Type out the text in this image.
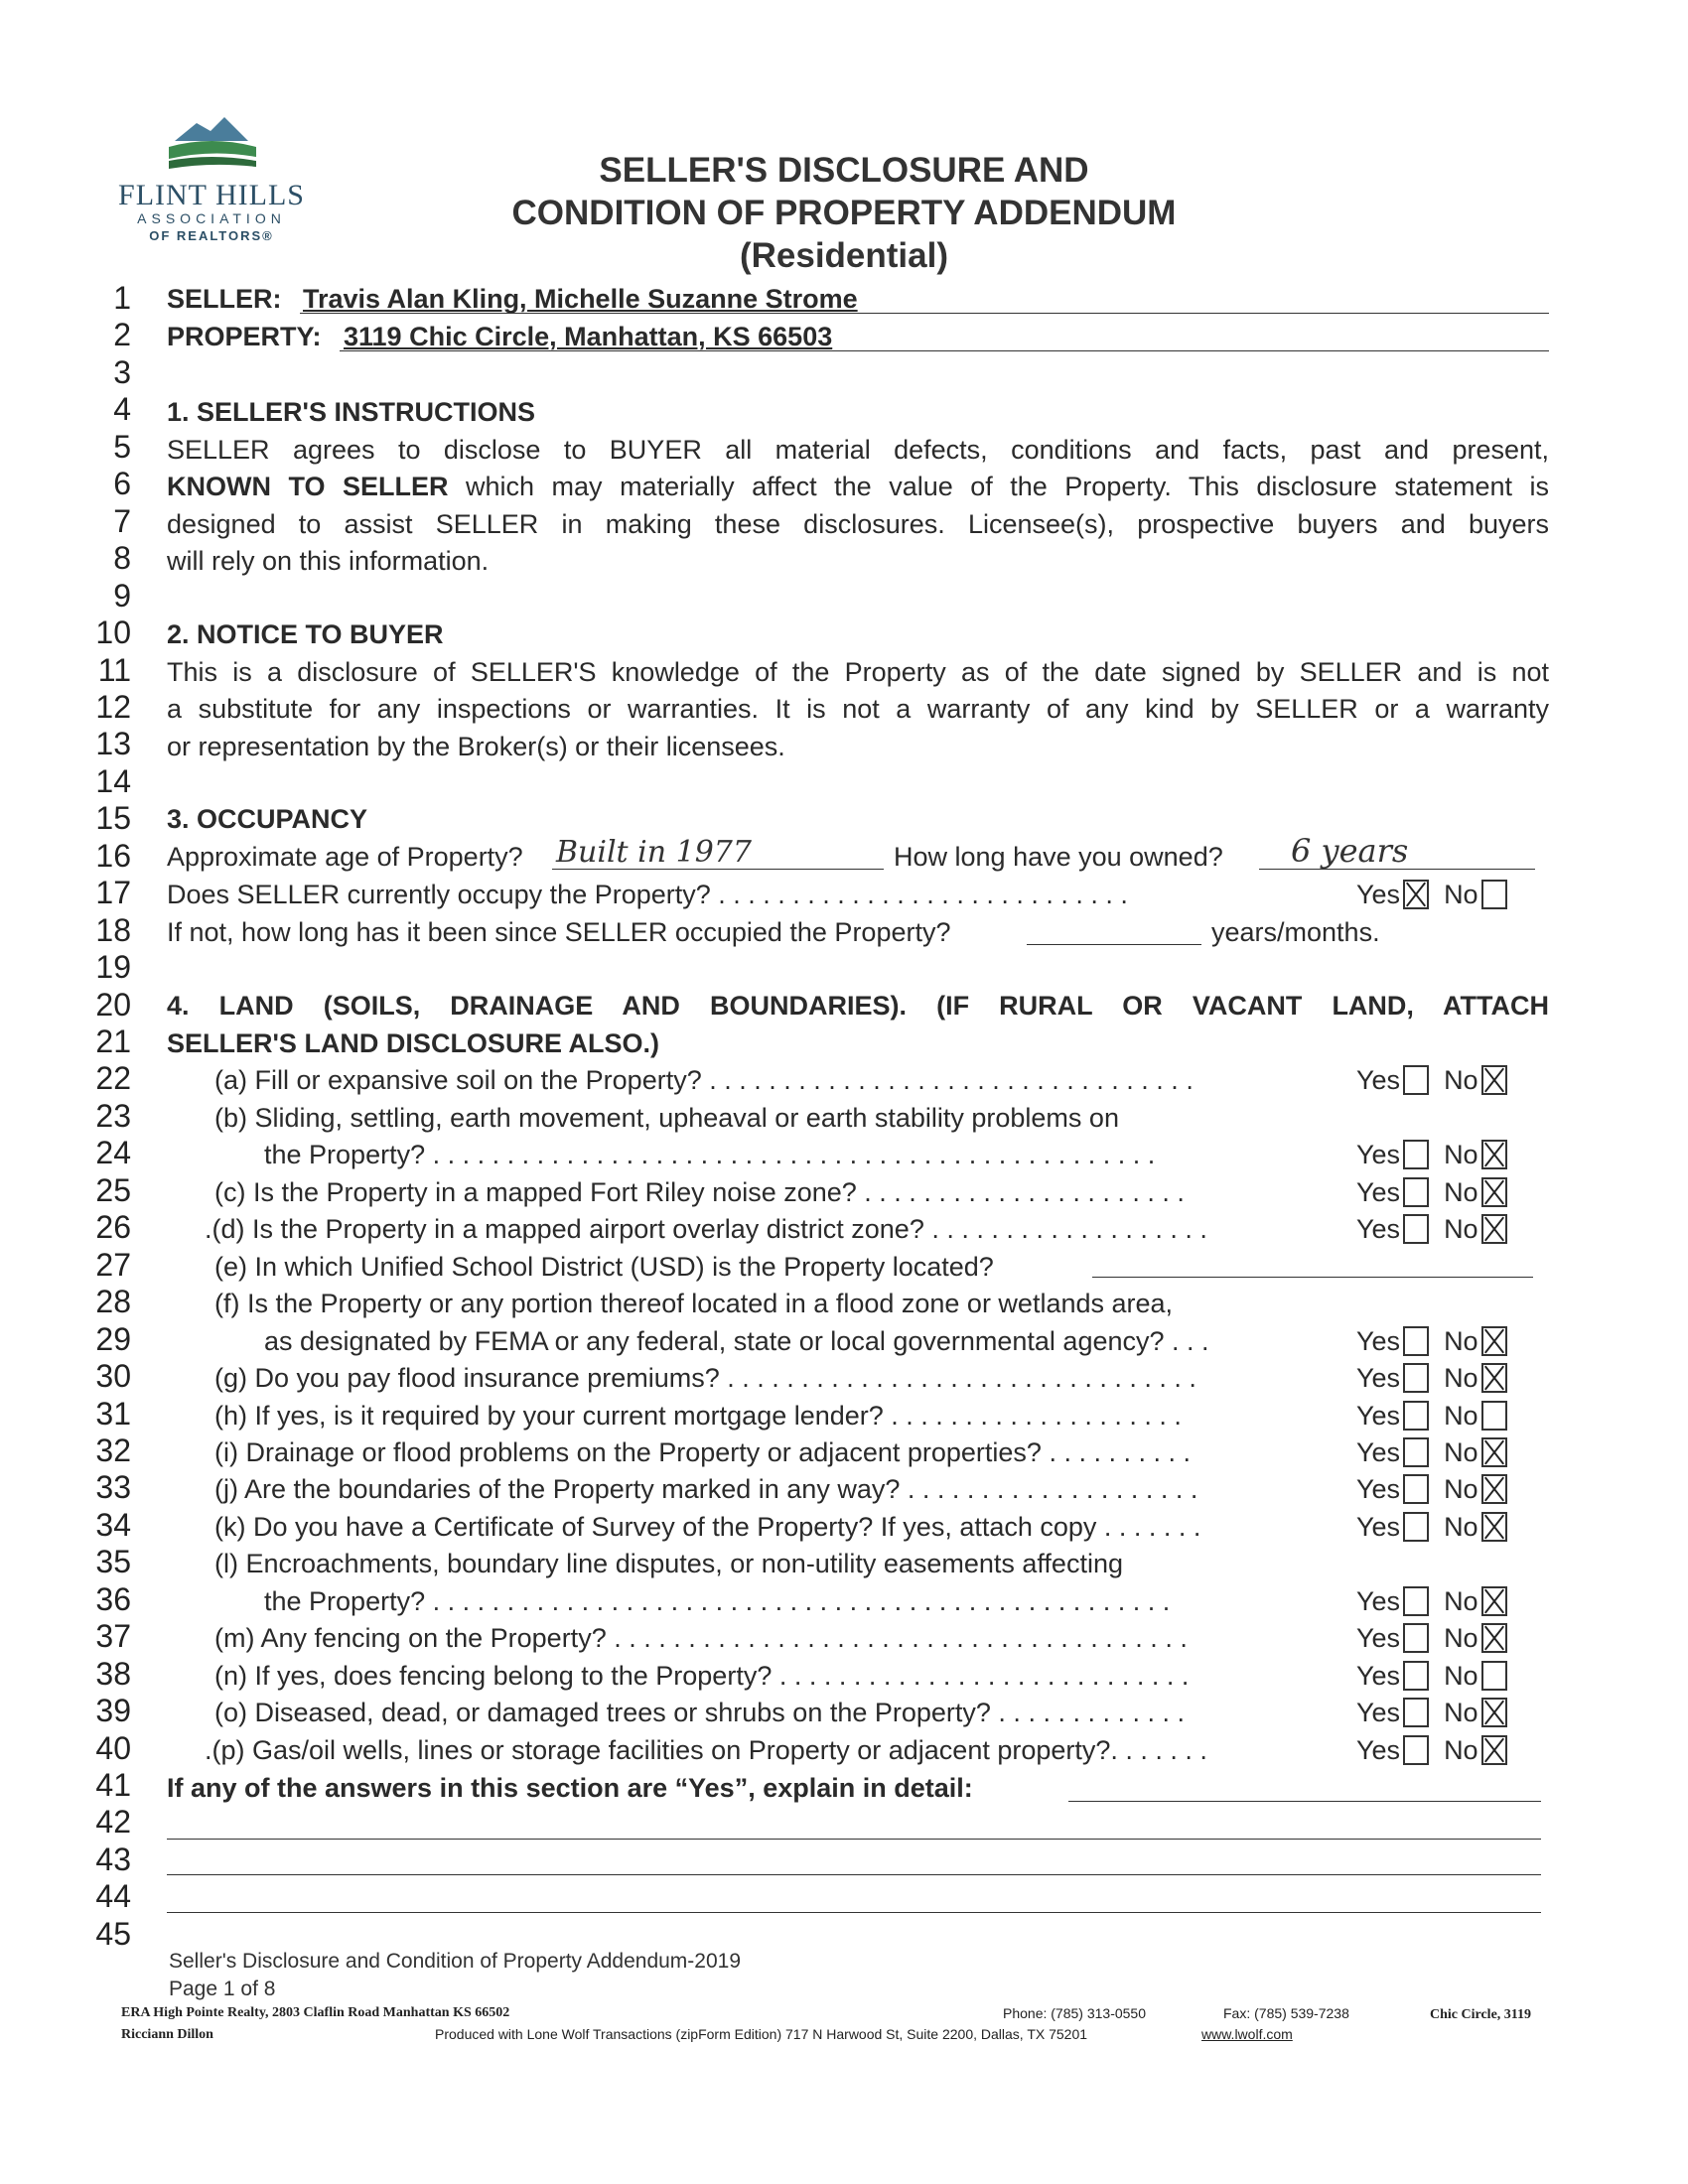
FLINT HILLS
ASSOCIATION
OF REALTORS®
SELLER'S DISCLOSURE AND
CONDITION OF PROPERTY ADDENDUM
(Residential)
1
2
3
4
5
6
7
8
9
10
11
12
13
14
15
16
17
18
19
20
21
22
23
24
25
26
27
28
29
30
31
32
33
34
35
36
37
38
39
40
41
42
43
44
45
SELLER: Travis Alan Kling, Michelle Suzanne Strome
PROPERTY: 3119 Chic Circle, Manhattan, KS 66503
1. SELLER'S INSTRUCTIONS
SELLER agrees to disclose to BUYER all material defects, conditions and facts, past and present,
KNOWN TO SELLER which may materially affect the value of the Property. This disclosure statement is
designed to assist SELLER in making these disclosures. Licensee(s), prospective buyers and buyers
will rely on this information.
2. NOTICE TO BUYER
This is a disclosure of SELLER'S knowledge of the Property as of the date signed by SELLER and is not
a substitute for any inspections or warranties. It is not a warranty of any kind by SELLER or a warranty
or representation by the Broker(s) or their licensees.
3. OCCUPANCY
Approximate age of Property? Built in 1977	How long have you owned? 6 years
Does SELLER currently occupy the Property? . . . . . . . . . . . . . . . . . . . . . . . . . . . .	Yes No
If not, how long has it been since SELLER occupied the Property?	years/months.
4. LAND (SOILS, DRAINAGE AND BOUNDARIES). (IF RURAL OR VACANT LAND, ATTACH
SELLER'S LAND DISCLOSURE ALSO.)
(a) Fill or expansive soil on the Property? . . . . . . . . . . . . . . . . . . . . . . . . . . . . . . . . .	Yes No
(b) Sliding, settling, earth movement, upheaval or earth stability problems on
the Property? . . . . . . . . . . . . . . . . . . . . . . . . . . . . . . . . . . . . . . . . . . . . . . . . .	Yes No
(c) Is the Property in a mapped Fort Riley noise zone? . . . . . . . . . . . . . . . . . . . . . .	Yes No
.(d) Is the Property in a mapped airport overlay district zone? . . . . . . . . . . . . . . . . . . .	Yes No
(e) In which Unified School District (USD) is the Property located?
(f) Is the Property or any portion thereof located in a flood zone or wetlands area,
as designated by FEMA or any federal, state or local governmental agency? . . .	Yes No
(g) Do you pay flood insurance premiums? . . . . . . . . . . . . . . . . . . . . . . . . . . . . . . . .	Yes No
(h) If yes, is it required by your current mortgage lender? . . . . . . . . . . . . . . . . . . . .	Yes No
(i) Drainage or flood problems on the Property or adjacent properties? . . . . . . . . . .	Yes No
(j) Are the boundaries of the Property marked in any way? . . . . . . . . . . . . . . . . . . . .	Yes No
(k) Do you have a Certificate of Survey of the Property? If yes, attach copy . . . . . . .	Yes No
(l) Encroachments, boundary line disputes, or non-utility easements affecting
the Property? . . . . . . . . . . . . . . . . . . . . . . . . . . . . . . . . . . . . . . . . . . . . . . . . . .	Yes No
(m) Any fencing on the Property? . . . . . . . . . . . . . . . . . . . . . . . . . . . . . . . . . . . . . . .	Yes No
(n) If yes, does fencing belong to the Property? . . . . . . . . . . . . . . . . . . . . . . . . . . . .	Yes No
(o) Diseased, dead, or damaged trees or shrubs on the Property? . . . . . . . . . . . . .	Yes No
.(p) Gas/oil wells, lines or storage facilities on Property or adjacent property?. . . . . . .	Yes No
If any of the answers in this section are “Yes”, explain in detail:
Seller's Disclosure and Condition of Property Addendum-2019
Page 1 of 8
ERA High Pointe Realty, 2803 Claflin Road Manhattan KS 66502
Ricciann Dillon
Phone: (785) 313-0550	Fax: (785) 539-7238	Chic Circle, 3119
Produced with Lone Wolf Transactions (zipForm Edition) 717 N Harwood St, Suite 2200, Dallas, TX 75201	www.lwolf.com
